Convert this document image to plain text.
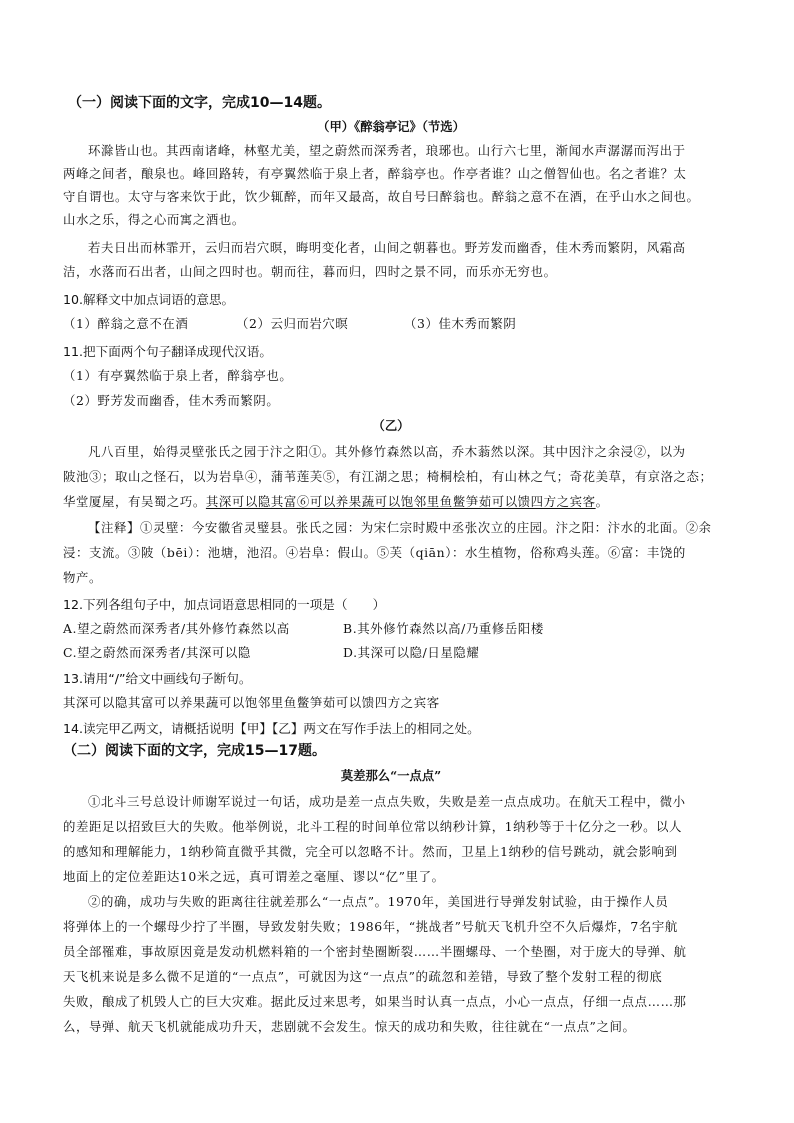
（一）阅读下面的文字，完成10—14题。
（甲）《醉翁亭记》（节选）
环滁皆山也。其西南诸峰，林壑尤美，望之蔚然而深秀者，琅琊也。山行六七里，渐闻水声潺潺而泻出于
两峰之间者，酿泉也。峰回路转，有亭翼然临于泉上者，醉翁亭也。作亭者谁？山之僧智仙也。名之者谁？太
守自谓也。太守与客来饮于此，饮少辄醉，而年又最高，故自号曰醉翁也。醉翁之意不在酒，在乎山水之间也。
山水之乐，得之心而寓之酒也。
若夫日出而林霏开，云归而岩穴暝，晦明变化者，山间之朝暮也。野芳发而幽香，佳木秀而繁阴，风霜高
洁，水落而石出者，山间之四时也。朝而往，暮而归，四时之景不同，而乐亦无穷也。
10.解释文中加点词语的意思。
（1）醉翁之意不在酒	（2）云归而岩穴暝	（3）佳木秀而繁阴
11.把下面两个句子翻译成现代汉语。
（1）有亭翼然临于泉上者，醉翁亭也。
（2）野芳发而幽香，佳木秀而繁阴。
（乙）
凡八百里，始得灵壁张氏之园于汴之阳①。其外修竹森然以高，乔木蓊然以深。其中因汴之余浸②，以为
陂池③；取山之怪石，以为岩阜④，蒲苇莲芙⑤，有江湖之思；椅桐桧柏，有山林之气；奇花美草，有京洛之态；
华堂厦屋，有吴蜀之巧。其深可以隐其富⑥可以养果蔬可以饱邻里鱼鳖笋茹可以馈四方之宾客。
【注释】①灵壁：今安徽省灵璧县。张氏之园：为宋仁宗时殿中丞张次立的庄园。汴之阳：汴水的北面。②余
浸：支流。③陂（bēi）：池塘，池沼。④岩阜：假山。⑤芙（qiān）：水生植物，俗称鸡头莲。⑥富：丰饶的
物产。
12.下列各组句子中，加点词语意思相同的一项是（　　）
A.望之蔚然而深秀者/其外修竹森然以高	B.其外修竹森然以高/乃重修岳阳楼
C.望之蔚然而深秀者/其深可以隐	D.其深可以隐/日星隐耀
13.请用“/”给文中画线句子断句。
其深可以隐其富可以养果蔬可以饱邻里鱼鳖笋茹可以馈四方之宾客
14.读完甲乙两文，请概括说明【甲】【乙】两文在写作手法上的相同之处。
（二）阅读下面的文字，完成15—17题。
莫差那么“一点点”
①北斗三号总设计师谢军说过一句话，成功是差一点点失败，失败是差一点点成功。在航天工程中，微小
的差距足以招致巨大的失败。他举例说，北斗工程的时间单位常以纳秒计算，1纳秒等于十亿分之一秒。以人
的感知和理解能力，1纳秒简直微乎其微，完全可以忽略不计。然而，卫星上1纳秒的信号跳动，就会影响到
地面上的定位差距达10米之远，真可谓差之毫厘、谬以“亿”里了。
②的确，成功与失败的距离往往就差那么“一点点”。1970年，美国进行导弹发射试验，由于操作人员
将弹体上的一个螺母少拧了半圈，导致发射失败；1986年，“挑战者”号航天飞机升空不久后爆炸，7名宇航
员全部罹难，事故原因竟是发动机燃料箱的一个密封垫圈断裂……半圈螺母、一个垫圈，对于庞大的导弹、航
天飞机来说是多么微不足道的“一点点”，可就因为这“一点点”的疏忽和差错，导致了整个发射工程的彻底
失败，酿成了机毁人亡的巨大灾难。据此反过来思考，如果当时认真一点点，小心一点点，仔细一点点……那
么，导弹、航天飞机就能成功升天，悲剧就不会发生。惊天的成功和失败，往往就在“一点点”之间。
